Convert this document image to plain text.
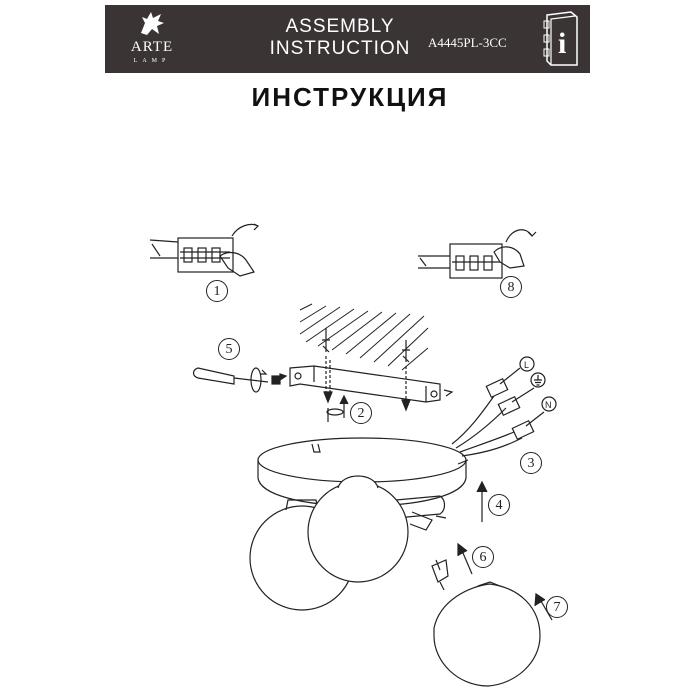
ARTE
LAMP
ASSEMBLY
INSTRUCTION	A4445PL-3CC i
ИНСТРУКЦИЯ
L
N
1	8
5
2
3
4
6
7
